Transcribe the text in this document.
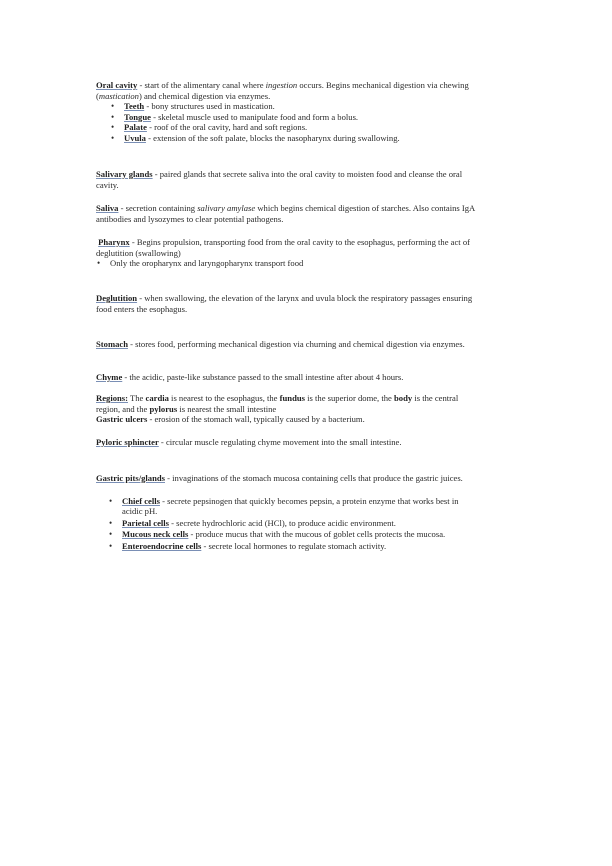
Oral cavity - start of the alimentary canal where ingestion occurs. Begins mechanical digestion via chewing (mastication) and chemical digestion via enzymes.
• Teeth - bony structures used in mastication.
• Tongue - skeletal muscle used to manipulate food and form a bolus.
• Palate - roof of the oral cavity, hard and soft regions.
• Uvula - extension of the soft palate, blocks the nasopharynx during swallowing.
Salivary glands - paired glands that secrete saliva into the oral cavity to moisten food and cleanse the oral cavity.
Saliva - secretion containing salivary amylase which begins chemical digestion of starches. Also contains IgA antibodies and lysozymes to clear potential pathogens.
Pharynx - Begins propulsion, transporting food from the oral cavity to the esophagus, performing the act of deglutition (swallowing)
• Only the oropharynx and laryngopharynx transport food
Deglutition - when swallowing, the elevation of the larynx and uvula block the respiratory passages ensuring food enters the esophagus.
Stomach - stores food, performing mechanical digestion via churning and chemical digestion via enzymes.
Chyme - the acidic, paste-like substance passed to the small intestine after about 4 hours.
Regions: The cardia is nearest to the esophagus, the fundus is the superior dome, the body is the central region, and the pylorus is nearest the small intestine
Gastric ulcers - erosion of the stomach wall, typically caused by a bacterium.
Pyloric sphincter - circular muscle regulating chyme movement into the small intestine.
Gastric pits/glands - invaginations of the stomach mucosa containing cells that produce the gastric juices.
• Chief cells - secrete pepsinogen that quickly becomes pepsin, a protein enzyme that works best in acidic pH.
• Parietal cells - secrete hydrochloric acid (HCl), to produce acidic environment.
• Mucous neck cells - produce mucus that with the mucous of goblet cells protects the mucosa.
• Enteroendocrine cells - secrete local hormones to regulate stomach activity.
